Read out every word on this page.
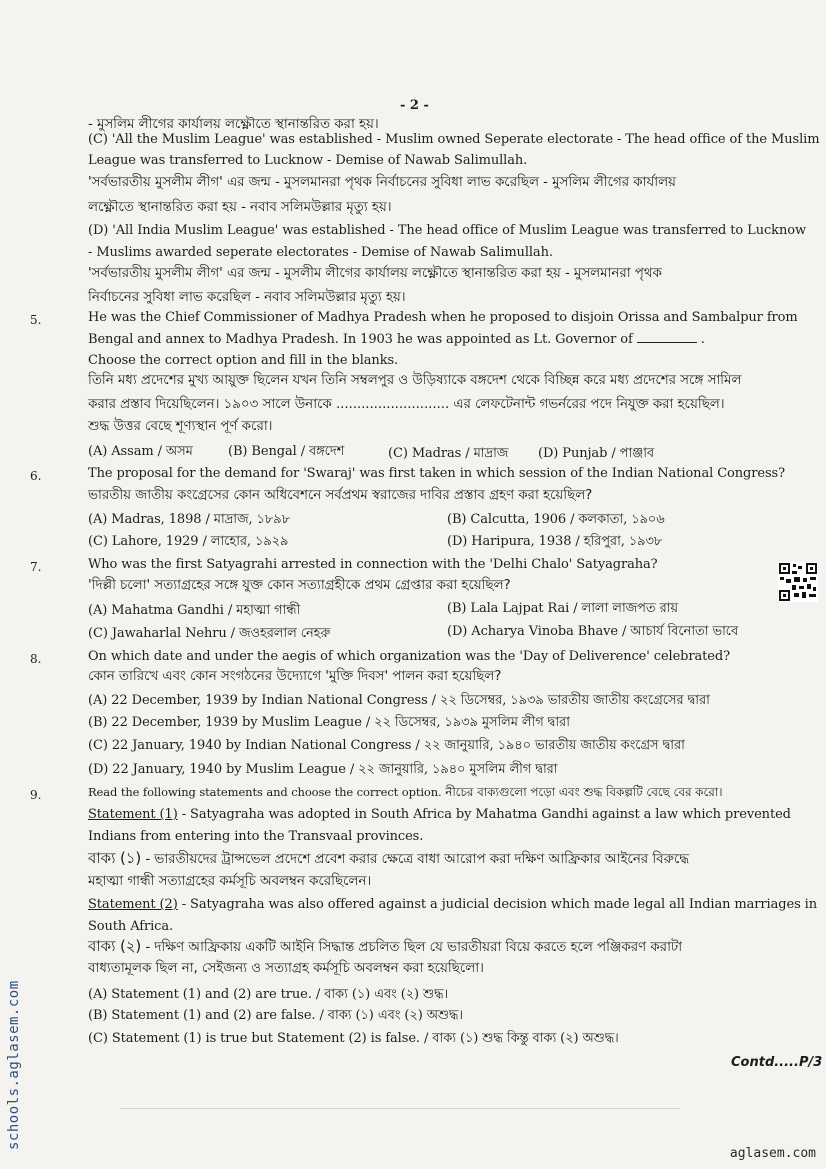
- 2 -
- মুসলিম লীগের কার্যালয় লক্ষ্ণৌতে স্থানান্তরিত করা হয়।
(C) 'All the Muslim League' was established - Muslim owned Seperate electorate - The head office of the Muslim
League was transferred to Lucknow - Demise of Nawab Salimullah.
'সর্বভারতীয় মুসলীম লীগ' এর জন্ম - মুসলমানরা পৃথক নির্বাচনের সুবিধা লাভ করেছিল - মুসলিম লীগের কার্যালয়
লক্ষ্ণৌতে স্থানান্তরিত করা হয় - নবাব সলিমউল্লার মৃত্যু হয়।
(D) 'All India Muslim League' was established - The head office of Muslim League was transferred to Lucknow
- Muslims awarded seperate electorates - Demise of Nawab Salimullah.
'সর্বভারতীয় মুসলীম লীগ' এর জন্ম - মুসলীম লীগের কার্যালয় লক্ষ্ণৌতে স্থানান্তরিত করা হয় - মুসলমানরা পৃথক
নির্বাচনের সুবিধা লাভ করেছিল - নবাব সলিমউল্লার মৃত্যু হয়।
5.	He was the Chief Commissioner of Madhya Pradesh when he proposed to disjoin Orissa and Sambalpur from
Bengal and annex to Madhya Pradesh. In 1903 he was appointed as Lt. Governor of	.
Choose the correct option and fill in the blanks.
তিনি মধ্য প্রদেশের মুখ্য আয়ুক্ত ছিলেন যখন তিনি সম্বলপুর ও উড়িষ্যাকে বঙ্গদেশ থেকে বিচ্ছিন্ন করে মধ্য প্রদেশের সঙ্গে সামিল
করার প্রস্তাব দিয়েছিলেন। ১৯০৩ সালে উনাকে ........................... এর লেফটেনান্ট গভর্নরের পদে নিযুক্ত করা হয়েছিল।
শুদ্ধ উত্তর বেছে শূণ্যস্থান পূর্ণ করো।
(A) Assam / অসম	(B) Bengal / বঙ্গদেশ	(C) Madras / মাদ্রাজ (D) Punjab / পাঞ্জাব
6.	The proposal for the demand for 'Swaraj' was first taken in which session of the Indian National Congress?
ভারতীয় জাতীয় কংগ্রেসের কোন অধিবেশনে সর্বপ্রথম স্বরাজের দাবির প্রস্তাব গ্রহণ করা হয়েছিল?
(A) Madras, 1898 / মাদ্রাজ, ১৮৯৮	(B) Calcutta, 1906 / কলকাতা, ১৯০৬
(C) Lahore, 1929 / লাহোর, ১৯২৯	(D) Haripura, 1938 / হরিপুরা, ১৯৩৮
7.	Who was the first Satyagrahi arrested in connection with the 'Delhi Chalo' Satyagraha?
'দিল্লী চলো' সত্যাগ্রহের সঙ্গে যুক্ত কোন সত্যাগ্রহীকে প্রথম গ্রেপ্তার করা হয়েছিল?
(A) Mahatma Gandhi / মহাত্মা গান্ধী	(B) Lala Lajpat Rai / লালা লাজপত রায়
(C) Jawaharlal Nehru / জওহরলাল নেহরু	(D) Acharya Vinoba Bhave / আচার্য বিনোতা ভাবে
8.	On which date and under the aegis of which organization was the 'Day of Deliverence' celebrated?
কোন তারিখে এবং কোন সংগঠনের উদ্যোগে 'মুক্তি দিবস' পালন করা হয়েছিল?
(A) 22 December, 1939 by Indian National Congress / ২২ ডিসেম্বর, ১৯৩৯ ভারতীয় জাতীয় কংগ্রেসের দ্বারা
(B) 22 December, 1939 by Muslim League / ২২ ডিসেম্বর, ১৯৩৯ মুসলিম লীগ দ্বারা
(C) 22 January, 1940 by Indian National Congress / ২২ জানুয়ারি, ১৯৪০ ভারতীয় জাতীয় কংগ্রেস দ্বারা
(D) 22 January, 1940 by Muslim League / ২২ জানুয়ারি, ১৯৪০ মুসলিম লীগ দ্বারা
9.	Read the following statements and choose the correct option. নীচের বাক্যগুলো পড়ো এবং শুদ্ধ বিকল্পটি বেছে বের করো।
Statement (1) - Satyagraha was adopted in South Africa by Mahatma Gandhi against a law which prevented
Indians from entering into the Transvaal provinces.
বাক্য (১) - ভারতীয়দের ট্রান্সভেল প্রদেশে প্রবেশ করার ক্ষেত্রে বাধা আরোপ করা দক্ষিণ আফ্রিকার আইনের বিরুদ্ধে
মহাত্মা গান্ধী সত্যাগ্রহের কর্মসূচি অবলম্বন করেছিলেন।
Statement (2) - Satyagraha was also offered against a judicial decision which made legal all Indian marriages in
South Africa.
বাক্য (২) - দক্ষিণ আফ্রিকায় একটি আইনি সিদ্ধান্ত প্রচলিত ছিল যে ভারতীয়রা বিয়ে করতে হলে পঞ্জিকরণ করাটা
বাধ্যতামূলক ছিল না, সেইজন্য ও সত্যাগ্রহ কর্মসূচি অবলম্বন করা হয়েছিলো।
(A) Statement (1) and (2) are true. / বাক্য (১) এবং (২) শুদ্ধ।
(B) Statement (1) and (2) are false. / বাক্য (১) এবং (২) অশুদ্ধ।
(C) Statement (1) is true but Statement (2) is false. / বাক্য (১) শুদ্ধ কিন্তু বাক্য (২) অশুদ্ধ।
Contd.....P/3
schools.aglasem.com
aglasem.com
